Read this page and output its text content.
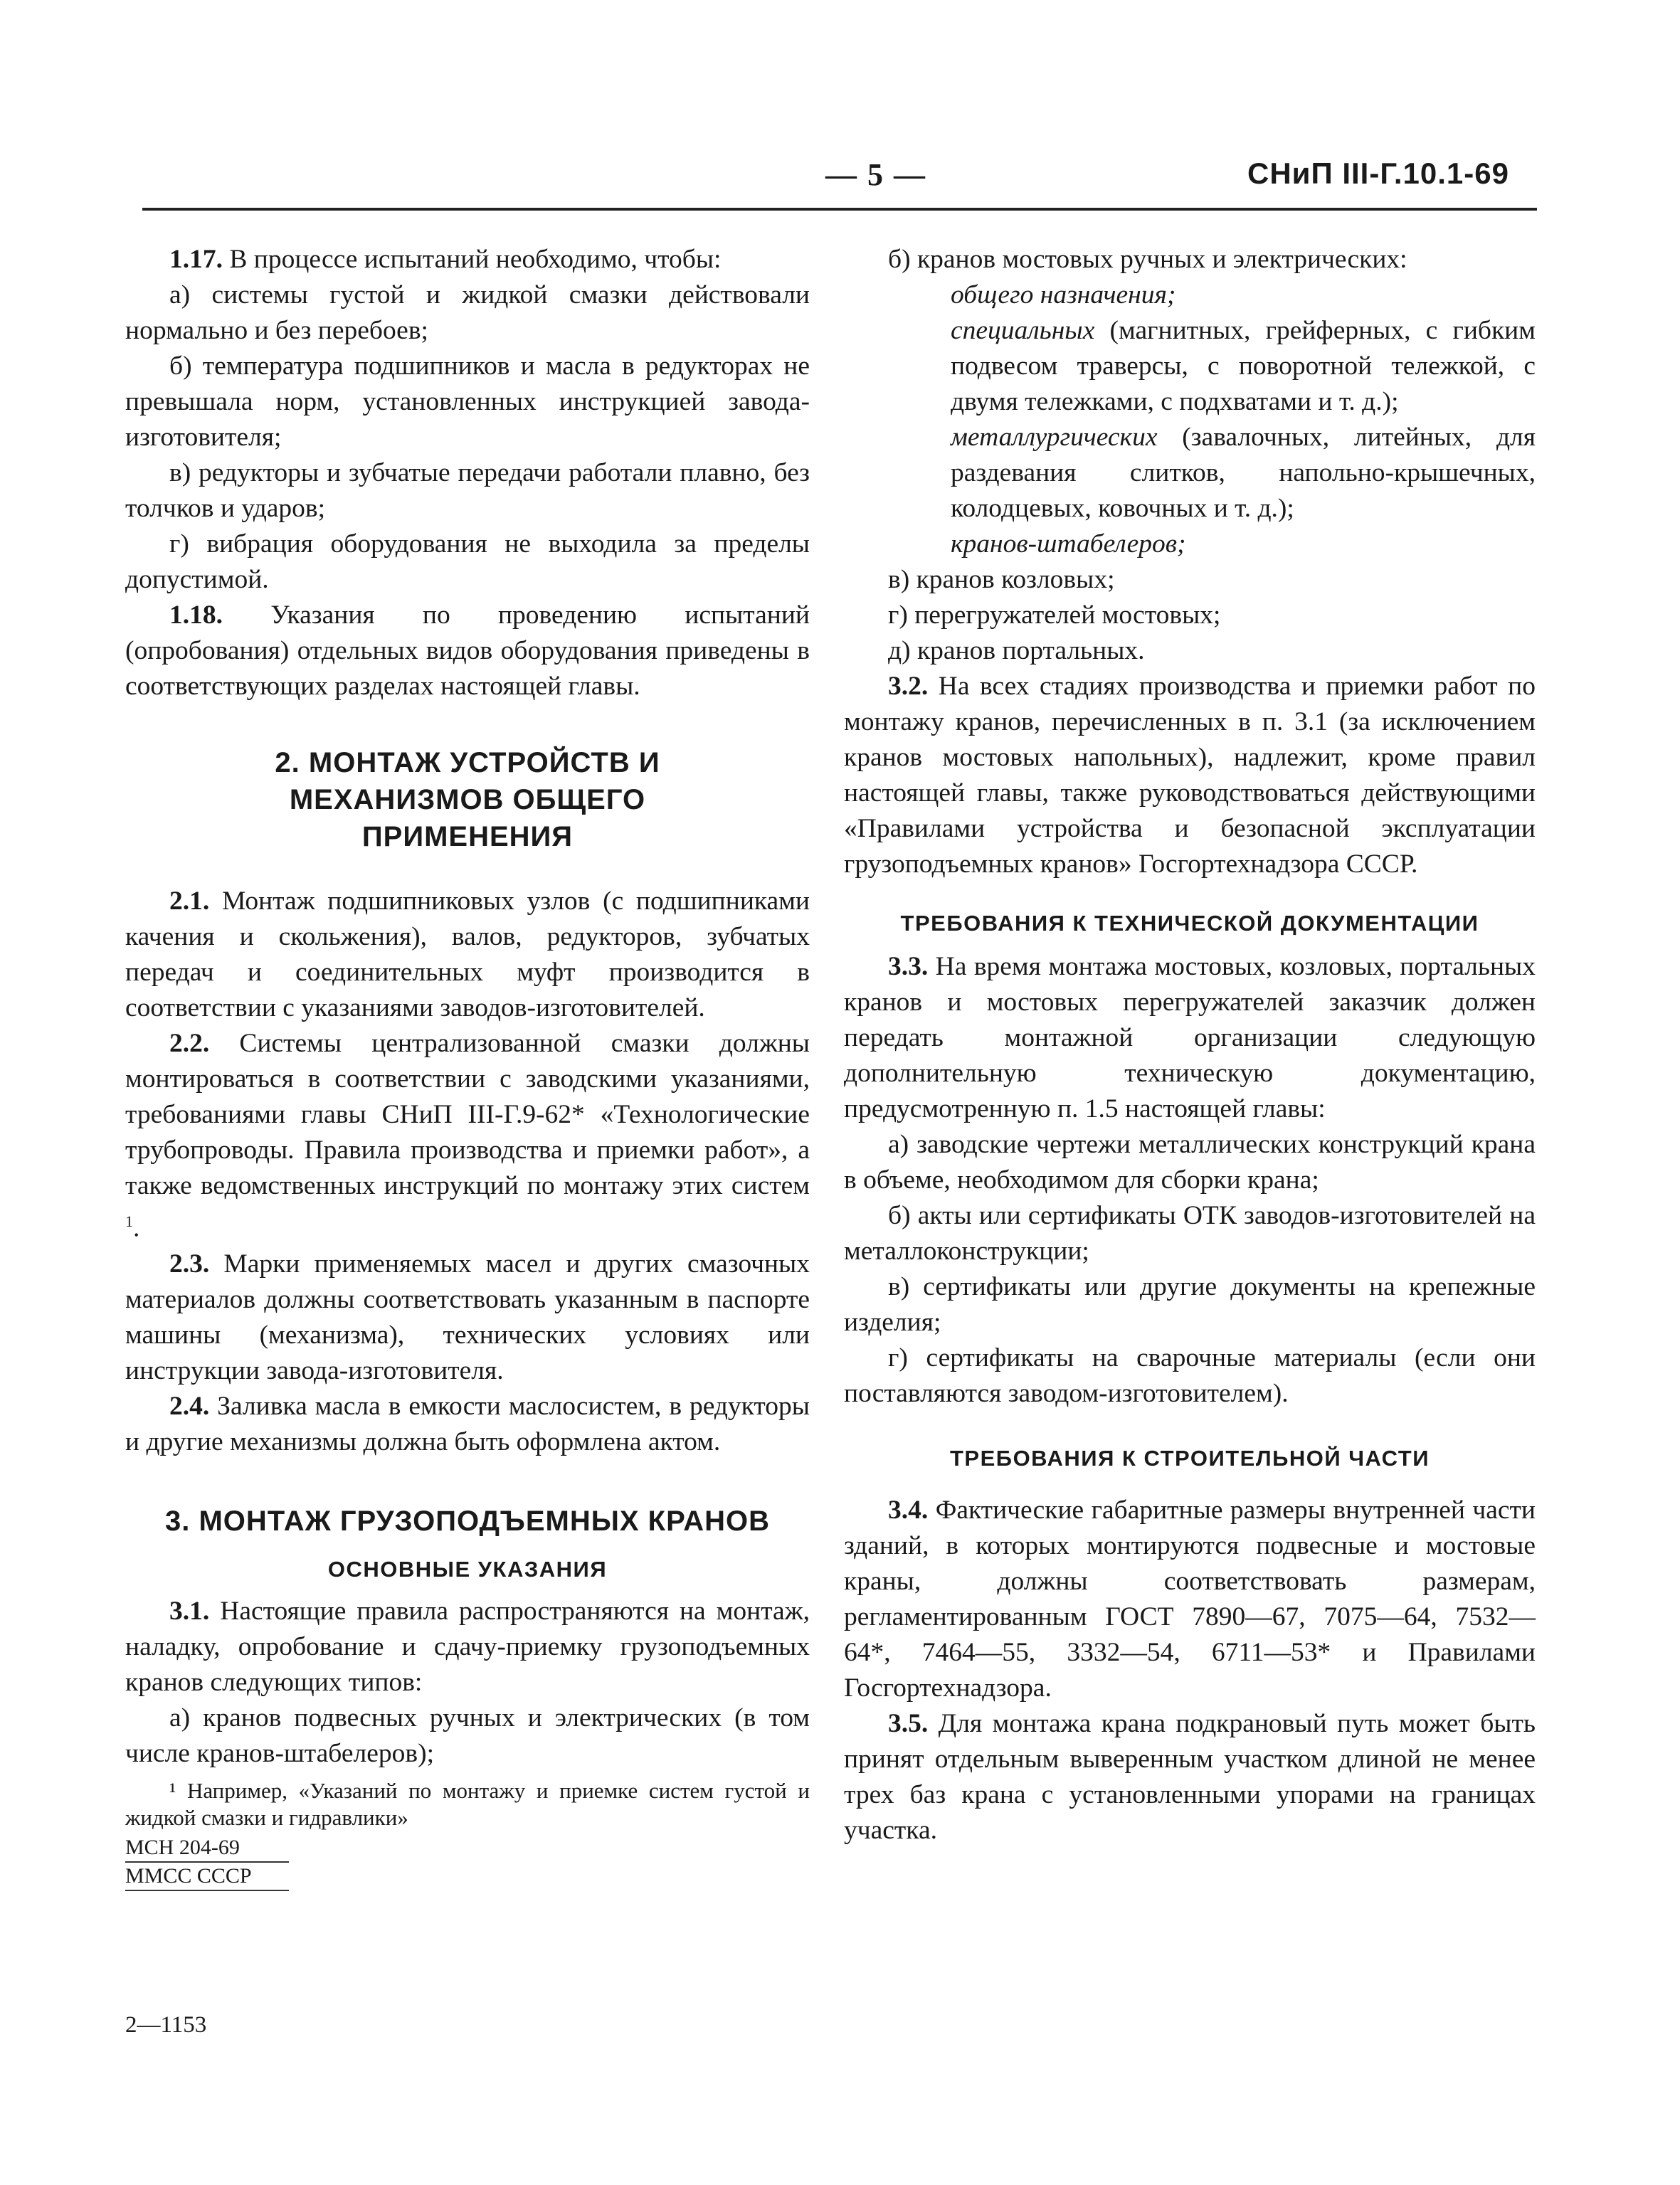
— 5 —	СНиП III-Г.10.1-69

1.17. В процессе испытаний необходимо, чтобы:

а) системы густой и жидкой смазки действовали нормально и без перебоев;

б) температура подшипников и масла в редукторах не превышала норм, установленных инструкцией завода-изготовителя;

в) редукторы и зубчатые передачи работали плавно, без толчков и ударов;

г) вибрация оборудования не выходила за пределы допустимой.

1.18. Указания по проведению испытаний (опробования) отдельных видов оборудования приведены в соответствующих разделах настоящей главы.

2. МОНТАЖ УСТРОЙСТВ И МЕХАНИЗМОВ ОБЩЕГО ПРИМЕНЕНИЯ

2.1. Монтаж подшипниковых узлов (с подшипниками качения и скольжения), валов, редукторов, зубчатых передач и соединительных муфт производится в соответствии с указаниями заводов-изготовителей.

2.2. Системы централизованной смазки должны монтироваться в соответствии с заводскими указаниями, требованиями главы СНиП III-Г.9-62* «Технологические трубопроводы. Правила производства и приемки работ», а также ведомственных инструкций по монтажу этих систем $^1$.

2.3. Марки применяемых масел и других смазочных материалов должны соответствовать указанным в паспорте машины (механизма), технических условиях или инструкции завода-изготовителя.

2.4. Заливка масла в емкости маслосистем, в редукторы и другие механизмы должна быть оформлена актом.

3. МОНТАЖ ГРУЗОПОДЪЕМНЫХ КРАНОВ
ОСНОВНЫЕ УКАЗАНИЯ

3.1. Настоящие правила распространяются на монтаж, наладку, опробование и сдачу-приемку грузоподъемных кранов следующих типов:

а) кранов подвесных ручных и электрических (в том числе кранов-штабелеров);

¹ Например, «Указаний по монтажу и приемке систем густой и жидкой смазки и гидравлики»

МСН 204-69
ММСС СССР
2—1153

б) кранов мостовых ручных и электрических:

общего назначения;

специальных (магнитных, грейферных, с гибким подвесом траверсы, с поворотной тележкой, с двумя тележками, с подхватами и т. д.);

металлургических (завалочных, литейных, для раздевания слитков, напольно-крышечных, колодцевых, ковочных и т. д.);

кранов-штабелеров;

в) кранов козловых;

г) перегружателей мостовых;

д) кранов портальных.

3.2. На всех стадиях производства и приемки работ по монтажу кранов, перечисленных в п. 3.1 (за исключением кранов мостовых напольных), надлежит, кроме правил настоящей главы, также руководствоваться действующими «Правилами устройства и безопасной эксплуатации грузоподъемных кранов» Госгортехнадзора СССР.

ТРЕБОВАНИЯ К ТЕХНИЧЕСКОЙ ДОКУМЕНТАЦИИ

3.3. На время монтажа мостовых, козловых, портальных кранов и мостовых перегружателей заказчик должен передать монтажной организации следующую дополнительную техническую документацию, предусмотренную п. 1.5 настоящей главы:

а) заводские чертежи металлических конструкций крана в объеме, необходимом для сборки крана;

б) акты или сертификаты ОТК заводов-изготовителей на металлоконструкции;

в) сертификаты или другие документы на крепежные изделия;

г) сертификаты на сварочные материалы (если они поставляются заводом-изготовителем).

ТРЕБОВАНИЯ К СТРОИТЕЛЬНОЙ ЧАСТИ

3.4. Фактические габаритные размеры внутренней части зданий, в которых монтируются подвесные и мостовые краны, должны соответствовать размерам, регламентированным ГОСТ 7890—67, 7075—64, 7532—64*, 7464—55, 3332—54, 6711—53* и Правилами Госгортехнадзора.

3.5. Для монтажа крана подкрановый путь может быть принят отдельным выверенным участком длиной не менее трех баз крана с установленными упорами на границах участка.
